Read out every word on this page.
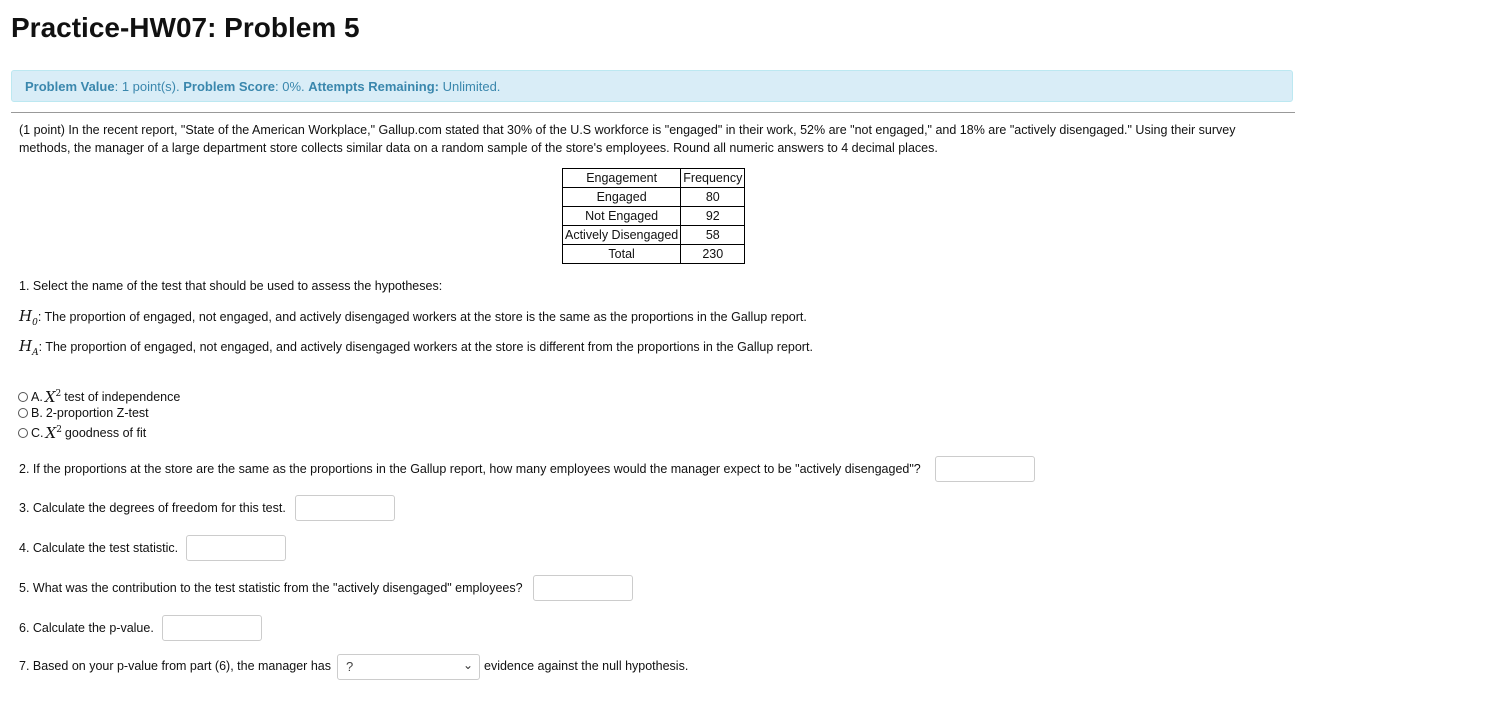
Practice-HW07: Problem 5
Problem Value: 1 point(s). Problem Score: 0%. Attempts Remaining: Unlimited.
(1 point) In the recent report, "State of the American Workplace," Gallup.com stated that 30% of the U.S workforce is "engaged" in their work, 52% are "not engaged," and 18% are "actively disengaged." Using their survey methods, the manager of a large department store collects similar data on a random sample of the store's employees. Round all numeric answers to 4 decimal places.
Engagement	Frequency
Engaged	80
Not Engaged	92
Actively Disengaged	58
Total	230
1. Select the name of the test that should be used to assess the hypotheses:
$H_0$: The proportion of engaged, not engaged, and actively disengaged workers at the store is the same as the proportions in the Gallup report.
$H_A$: The proportion of engaged, not engaged, and actively disengaged workers at the store is different from the proportions in the Gallup report.
A. $X^2$ test of independence
B. 2-proportion Z-test
C. $X^2$ goodness of fit
2. If the proportions at the store are the same as the proportions in the Gallup report, how many employees would the manager expect to be "actively disengaged"?
3. Calculate the degrees of freedom for this test.
4. Calculate the test statistic.
5. What was the contribution to the test statistic from the "actively disengaged" employees?
6. Calculate the p-value.
7. Based on your p-value from part (6), the manager has	?	⌄ evidence against the null hypothesis.
